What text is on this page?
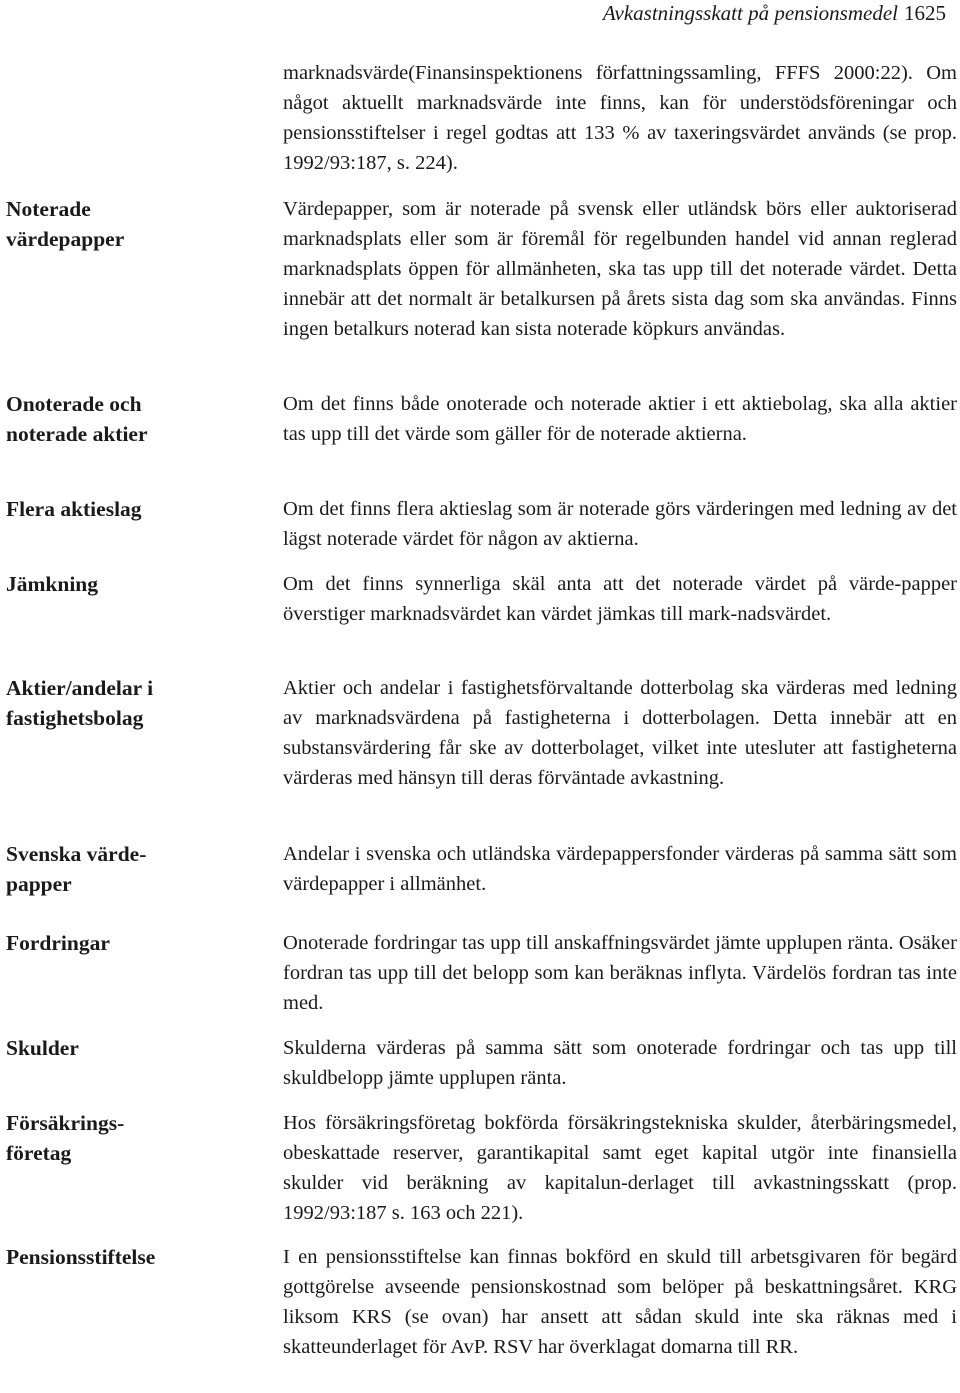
Avkastningsskatt på pensionsmedel 1625
Noterade
värdepapper
Onoterade och
noterade aktier
Flera aktieslag
Jämkning
Aktier/andelar i
fastighetsbolag
Svenska värde-
papper
Fordringar
Skulder
Försäkrings-
företag
Pensionsstiftelse

marknadsvärde(Finansinspektionens författningssamling, FFFS 2000:22). Om något aktuellt marknadsvärde inte finns, kan för understödsföreningar och pensionsstiftelser i regel godtas att 133 % av taxeringsvärdet används (se prop. 1992/93:187, s. 224).

Värdepapper, som är noterade på svensk eller utländsk börs eller auktoriserad marknadsplats eller som är föremål för regelbunden handel vid annan reglerad marknadsplats öppen för allmänheten, ska tas upp till det noterade värdet. Detta innebär att det normalt är betalkursen på årets sista dag som ska användas. Finns ingen betalkurs noterad kan sista noterade köpkurs användas.

Om det finns både onoterade och noterade aktier i ett aktiebolag, ska alla aktier tas upp till det värde som gäller för de noterade aktierna.

Om det finns flera aktieslag som är noterade görs värderingen med ledning av det lägst noterade värdet för någon av aktierna.

Om det finns synnerliga skäl anta att det noterade värdet på värde-papper överstiger marknadsvärdet kan värdet jämkas till mark-nadsvärdet.

Aktier och andelar i fastighetsförvaltande dotterbolag ska värderas med ledning av marknadsvärdena på fastigheterna i dotterbolagen. Detta innebär att en substansvärdering får ske av dotterbolaget, vilket inte utesluter att fastigheterna värderas med hänsyn till deras förväntade avkastning.

Andelar i svenska och utländska värdepappersfonder värderas på samma sätt som värdepapper i allmänhet.

Onoterade fordringar tas upp till anskaffningsvärdet jämte upplupen ränta. Osäker fordran tas upp till det belopp som kan beräknas inflyta. Värdelös fordran tas inte med.

Skulderna värderas på samma sätt som onoterade fordringar och tas upp till skuldbelopp jämte upplupen ränta.

Hos försäkringsföretag bokförda försäkringstekniska skulder, återbäringsmedel, obeskattade reserver, garantikapital samt eget kapital utgör inte finansiella skulder vid beräkning av kapitalun-derlaget till avkastningsskatt (prop. 1992/93:187 s. 163 och 221).

I en pensionsstiftelse kan finnas bokförd en skuld till arbetsgivaren för begärd gottgörelse avseende pensionskostnad som belöper på beskattningsåret. KRG liksom KRS (se ovan) har ansett att sådan skuld inte ska räknas med i skatteunderlaget för AvP. RSV har överklagat domarna till RR.
